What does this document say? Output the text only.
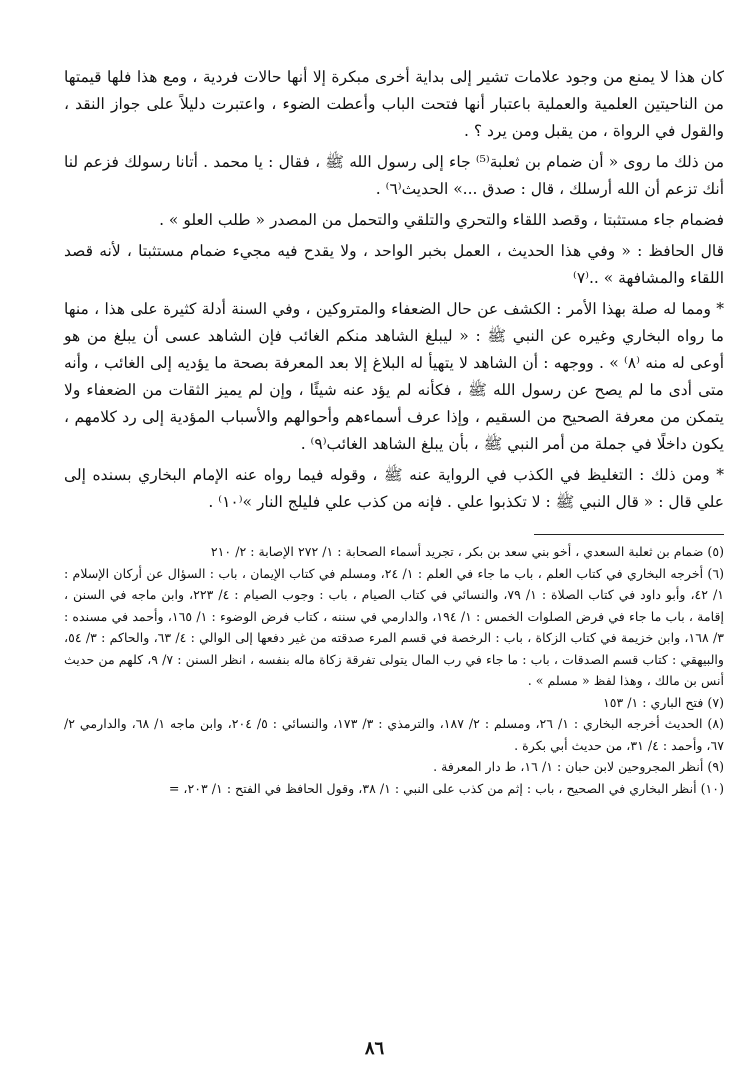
كان هذا لا يمنع من وجود علامات تشير إلى بداية أخرى مبكرة إلا أنها حالات فردية ، ومع هذا فلها قيمتها من الناحيتين العلمية والعملية باعتبار أنها فتحت الباب وأعطت الضوء ، واعتبرت دليلاً على جواز النقد ، والقول في الرواة ، من يقبل ومن يرد ؟ .

من ذلك ما روى « أن ضمام بن ثعلبة⁽⁵⁾ جاء إلى رسول الله ﷺ ، فقال : يا محمد . أتانا رسولك فزعم لنا أنك تزعم أن الله أرسلك ، قال : صدق ...» الحديث⁽٦⁾ .

فضمام جاء مستثبتا ، وقصد اللقاء والتحري والتلقي والتحمل من المصدر « طلب العلو » .

قال الحافظ : « وفي هذا الحديث ، العمل بخبر الواحد ، ولا يقدح فيه مجيء ضمام مستثبتا ، لأنه قصد اللقاء والمشافهة » ..⁽٧⁾

* ومما له صلة بهذا الأمر : الكشف عن حال الضعفاء والمتروكين ، وفي السنة أدلة كثيرة على هذا ، منها ما رواه البخاري وغيره عن النبي ﷺ : « ليبلغ الشاهد منكم الغائب فإن الشاهد عسى أن يبلغ من هو أوعى له منه ⁽٨⁾ » . ووجهه : أن الشاهد لا يتهيأ له البلاغ إلا بعد المعرفة بصحة ما يؤديه إلى الغائب ، وأنه متى أدى ما لم يصح عن رسول الله ﷺ ، فكأنه لم يؤد عنه شيئًا ، وإن لم يميز الثقات من الضعفاء ولا يتمكن من معرفة الصحيح من السقيم ، وإذا عرف أسماءهم وأحوالهم والأسباب المؤدية إلى رد كلامهم ، يكون داخلًا في جملة من أمر النبي ﷺ ، بأن يبلغ الشاهد الغائب⁽٩⁾ .

* ومن ذلك : التغليظ في الكذب في الرواية عنه ﷺ ، وقوله فيما رواه عنه الإمام البخاري بسنده إلى علي قال : « قال النبي ﷺ : لا تكذبوا علي . فإنه من كذب علي فليلج النار »⁽١٠⁾ .

(٥) ضمام بن ثعلبة السعدي ، أخو بني سعد بن بكر ، تجريد أسماء الصحابة : ١/ ٢٧٢ الإصابة : ٢/ ٢١٠

(٦) أخرجه البخاري في كتاب العلم ، باب ما جاء في العلم : ١/ ٢٤، ومسلم في كتاب الإيمان ، باب : السؤال عن أركان الإسلام : ١/ ٤٢، وأبو داود في كتاب الصلاة : ١/ ٧٩، والنسائي في كتاب الصيام ، باب : وجوب الصيام : ٤/ ٢٢٣، وابن ماجه في السنن ، إقامة ، باب ما جاء في فرض الصلوات الخمس : ١/ ١٩٤، والدارمي في سننه ، كتاب فرض الوضوء : ١/ ١٦٥، وأحمد في مسنده : ٣/ ١٦٨، وابن خزيمة في كتاب الزكاة ، باب : الرخصة في قسم المرء صدقته من غير دفعها إلى الوالي : ٤/ ٦٣، والحاكم : ٣/ ٥٤، والبيهقي : كتاب قسم الصدقات ، باب : ما جاء في رب المال يتولى تفرقة زكاة ماله بنفسه ، انظر السنن : ٧/ ٩، كلهم من حديث أنس بن مالك ، وهذا لفظ « مسلم » .

(٧) فتح الباري : ١/ ١٥٣

(٨) الحديث أخرجه البخاري : ١/ ٢٦، ومسلم : ٢/ ١٨٧، والترمذي : ٣/ ١٧٣، والنسائي : ٥/ ٢٠٤، وابن ماجه ١/ ٦٨، والدارمي ٢/ ٦٧، وأحمد : ٤/ ٣١، من حديث أبي بكرة .

(٩) أنظر المجروحين لابن حبان : ١/ ١٦، ط دار المعرفة .

(١٠) أنظر البخاري في الصحيح ، باب : إثم من كذب على النبي : ١/ ٣٨، وقول الحافظ في الفتح : ١/ ٢٠٣، =

٨٦
